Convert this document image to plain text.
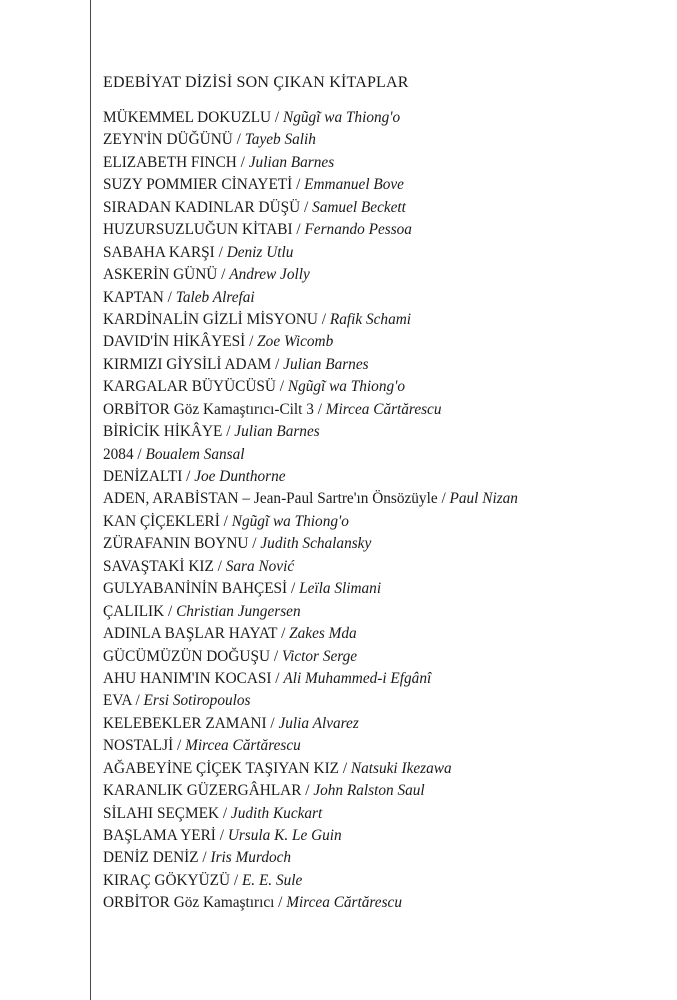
EDEBİYAT DİZİSİ SON ÇIKAN KİTAPLAR
MÜKEMMEL DOKUZLU / Ngũgĩ wa Thiong'o
ZEYN'İN DÜĞÜNÜ / Tayeb Salih
ELIZABETH FINCH / Julian Barnes
SUZY POMMIER CİNAYETİ / Emmanuel Bove
SIRADAN KADINLAR DÜŞÜ / Samuel Beckett
HUZURSUZLUĞUN KİTABI / Fernando Pessoa
SABAHA KARŞI / Deniz Utlu
ASKERİN GÜNÜ / Andrew Jolly
KAPTAN / Taleb Alrefai
KARDİNALİN GİZLİ MİSYONU / Rafik Schami
DAVID'İN HİKÂYESİ / Zoe Wicomb
KIRMIZI GİYSİLİ ADAM / Julian Barnes
KARGALAR BÜYÜCÜSÜ / Ngũgĩ wa Thiong'o
ORBİTOR Göz Kamaştırıcı-Cilt 3 / Mircea Cărtărescu
BİRİCİK HİKÂYE / Julian Barnes
2084 / Boualem Sansal
DENİZALTI / Joe Dunthorne
ADEN, ARABİSTAN – Jean-Paul Sartre'ın Önsözüyle / Paul Nizan
KAN ÇİÇEKLERİ / Ngũgĩ wa Thiong'o
ZÜRAFANIN BOYNU / Judith Schalansky
SAVAŞTAKİ KIZ / Sara Nović
GULYABANİNİN BAHÇESİ / Leïla Slimani
ÇALILIK / Christian Jungersen
ADINLA BAŞLAR HAYAT / Zakes Mda
GÜCÜMÜZÜN DOĞUŞU / Victor Serge
AHU HANIM'IN KOCASI / Ali Muhammed-i Efgânî
EVA / Ersi Sotiropoulos
KELEBEKLER ZAMANI / Julia Alvarez
NOSTALJİ / Mircea Cărtărescu
AĞABEYİNE ÇİÇEK TAŞIYAN KIZ / Natsuki Ikezawa
KARANLIK GÜZERGÂHLAR / John Ralston Saul
SİLAHI SEÇMEK / Judith Kuckart
BAŞLAMA YERİ / Ursula K. Le Guin
DENİZ DENİZ / Iris Murdoch
KIRAÇ GÖKYÜZÜ / E. E. Sule
ORBİTOR Göz Kamaştırıcı / Mircea Cărtărescu
